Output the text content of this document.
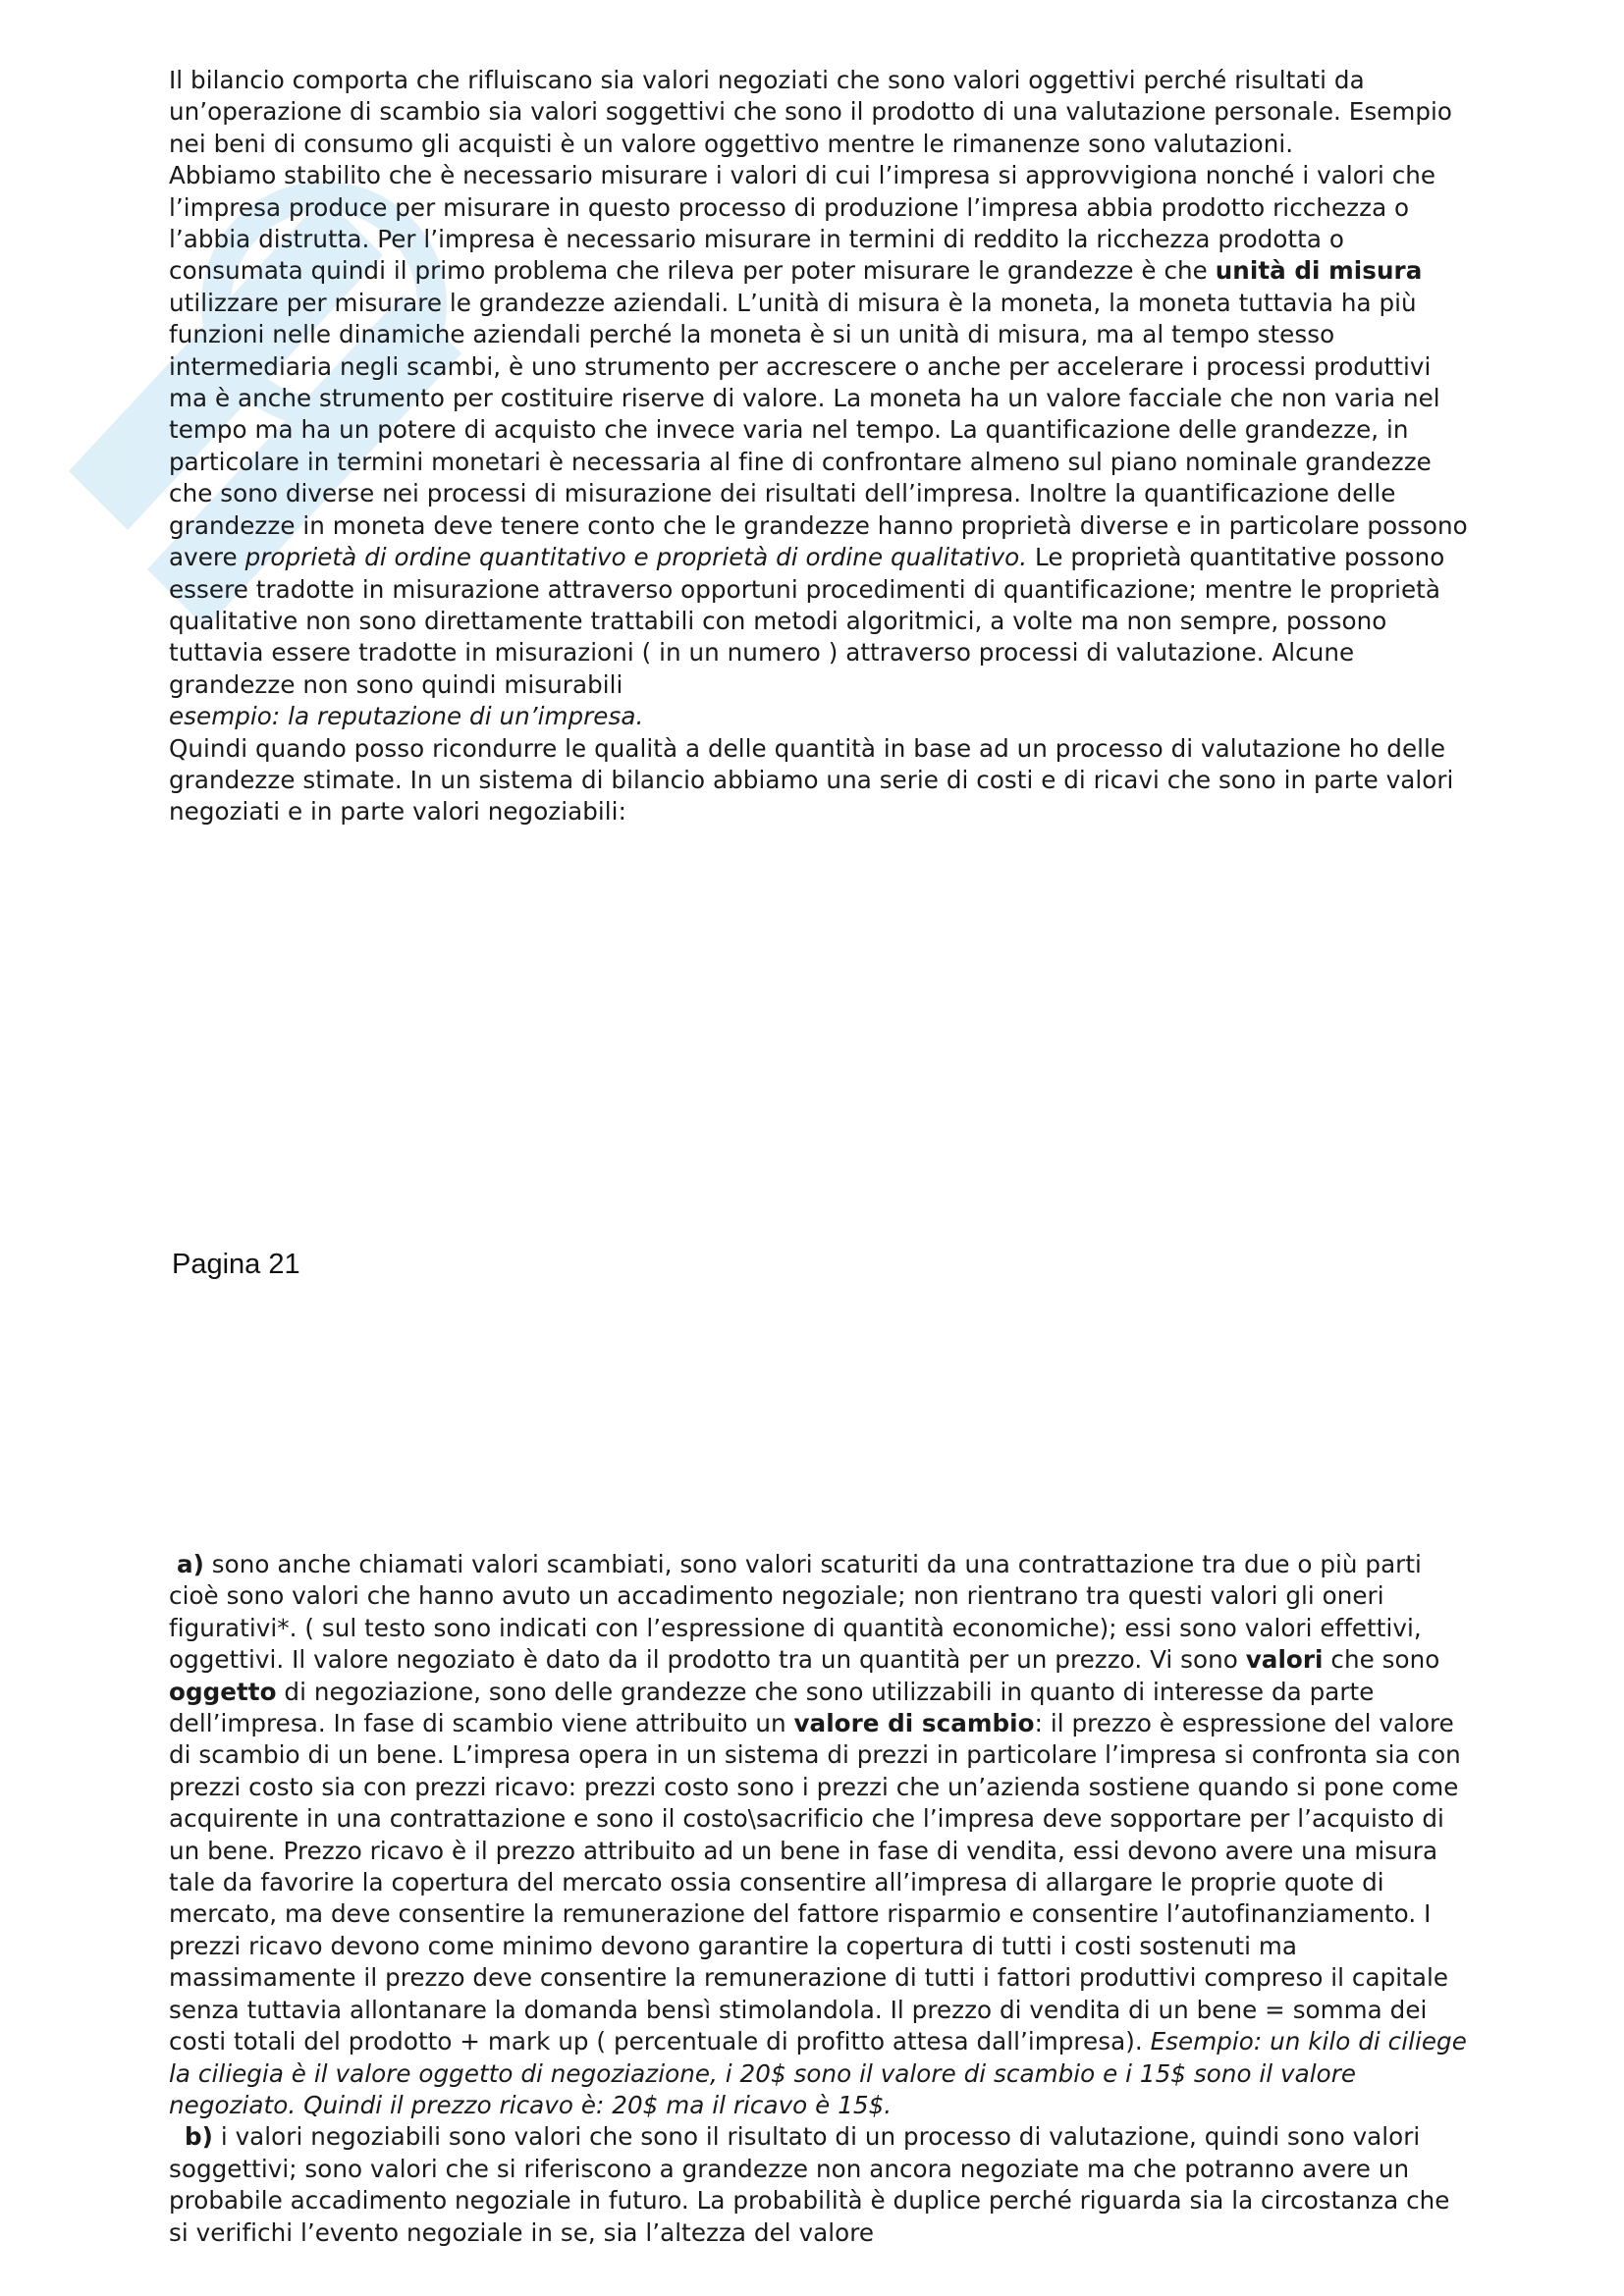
Il bilancio comporta che rifluiscano sia valori negoziati che sono valori oggettivi perché risultati da un’operazione di scambio sia valori soggettivi che sono il prodotto di una valutazione personale. Esempio nei beni di consumo gli acquisti è un valore oggettivo mentre le rimanenze sono valutazioni.

Abbiamo stabilito che è necessario misurare i valori di cui l’impresa si approvvigiona nonché i valori che l’impresa produce per misurare in questo processo di produzione l’impresa abbia prodotto ricchezza o l’abbia distrutta. Per l’impresa è necessario misurare in termini di reddito la ricchezza prodotta o consumata quindi il primo problema che rileva per poter misurare le grandezze è che unità di misura utilizzare per misurare le grandezze aziendali. L’unità di misura è la moneta, la moneta tuttavia ha più funzioni nelle dinamiche aziendali perché la moneta è si un unità di misura, ma al tempo stesso intermediaria negli scambi, è uno strumento per accrescere o anche per accelerare i processi produttivi ma è anche strumento per costituire riserve di valore. La moneta ha un valore facciale che non varia nel tempo ma ha un potere di acquisto che invece varia nel tempo. La quantificazione delle grandezze, in particolare in termini monetari è necessaria al fine di confrontare almeno sul piano nominale grandezze che sono diverse nei processi di misurazione dei risultati dell’impresa. Inoltre la quantificazione delle grandezze in moneta deve tenere conto che le grandezze hanno proprietà diverse e in particolare possono avere proprietà di ordine quantitativo e proprietà di ordine qualitativo. Le proprietà quantitative possono essere tradotte in misurazione attraverso opportuni procedimenti di quantificazione; mentre le proprietà qualitative non sono direttamente trattabili con metodi algoritmici, a volte ma non sempre, possono tuttavia essere tradotte in misurazioni ( in un numero ) attraverso processi di valutazione. Alcune grandezze non sono quindi misurabili
esempio: la reputazione di un’impresa.

Quindi quando posso ricondurre le qualità a delle quantità in base ad un processo di valutazione ho delle grandezze stimate. In un sistema di bilancio abbiamo una serie di costi e di ricavi che sono in parte valori negoziati e in parte valori negoziabili:

Pagina 21

a) sono anche chiamati valori scambiati, sono valori scaturiti da una contrattazione tra due o più parti cioè sono valori che hanno avuto un accadimento negoziale; non rientrano tra questi valori gli oneri figurativi*. ( sul testo sono indicati con l’espressione di quantità economiche); essi sono valori effettivi, oggettivi. Il valore negoziato è dato da il prodotto tra un quantità per un prezzo. Vi sono valori che sono oggetto di negoziazione, sono delle grandezze che sono utilizzabili in quanto di interesse da parte dell’impresa. In fase di scambio viene attribuito un valore di scambio: il prezzo è espressione del valore di scambio di un bene. L’impresa opera in un sistema di prezzi in particolare l’impresa si confronta sia con prezzi costo sia con prezzi ricavo: prezzi costo sono i prezzi che un’azienda sostiene quando si pone come acquirente in una contrattazione e sono il costo\sacrificio che l’impresa deve sopportare per l’acquisto di un bene. Prezzo ricavo è il prezzo attribuito ad un bene in fase di vendita, essi devono avere una misura tale da favorire la copertura del mercato ossia consentire all’impresa di allargare le proprie quote di mercato, ma deve consentire la remunerazione del fattore risparmio e consentire l’autofinanziamento. I prezzi ricavo devono come minimo devono garantire la copertura di tutti i costi sostenuti ma massimamente il prezzo deve consentire la remunerazione di tutti i fattori produttivi compreso il capitale senza tuttavia allontanare la domanda bensì stimolandola. Il prezzo di vendita di un bene = somma dei costi totali del prodotto + mark up ( percentuale di profitto attesa dall’impresa). Esempio: un kilo di ciliege la ciliegia è il valore oggetto di negoziazione, i 20$ sono il valore di scambio e i 15$ sono il valore negoziato. Quindi il prezzo ricavo è: 20$ ma il ricavo è 15$.

b) i valori negoziabili sono valori che sono il risultato di un processo di valutazione, quindi sono valori soggettivi; sono valori che si riferiscono a grandezze non ancora negoziate ma che potranno avere un probabile accadimento negoziale in futuro. La probabilità è duplice perché riguarda sia la circostanza che si verifichi l’evento negoziale in se, sia l’altezza del valore
